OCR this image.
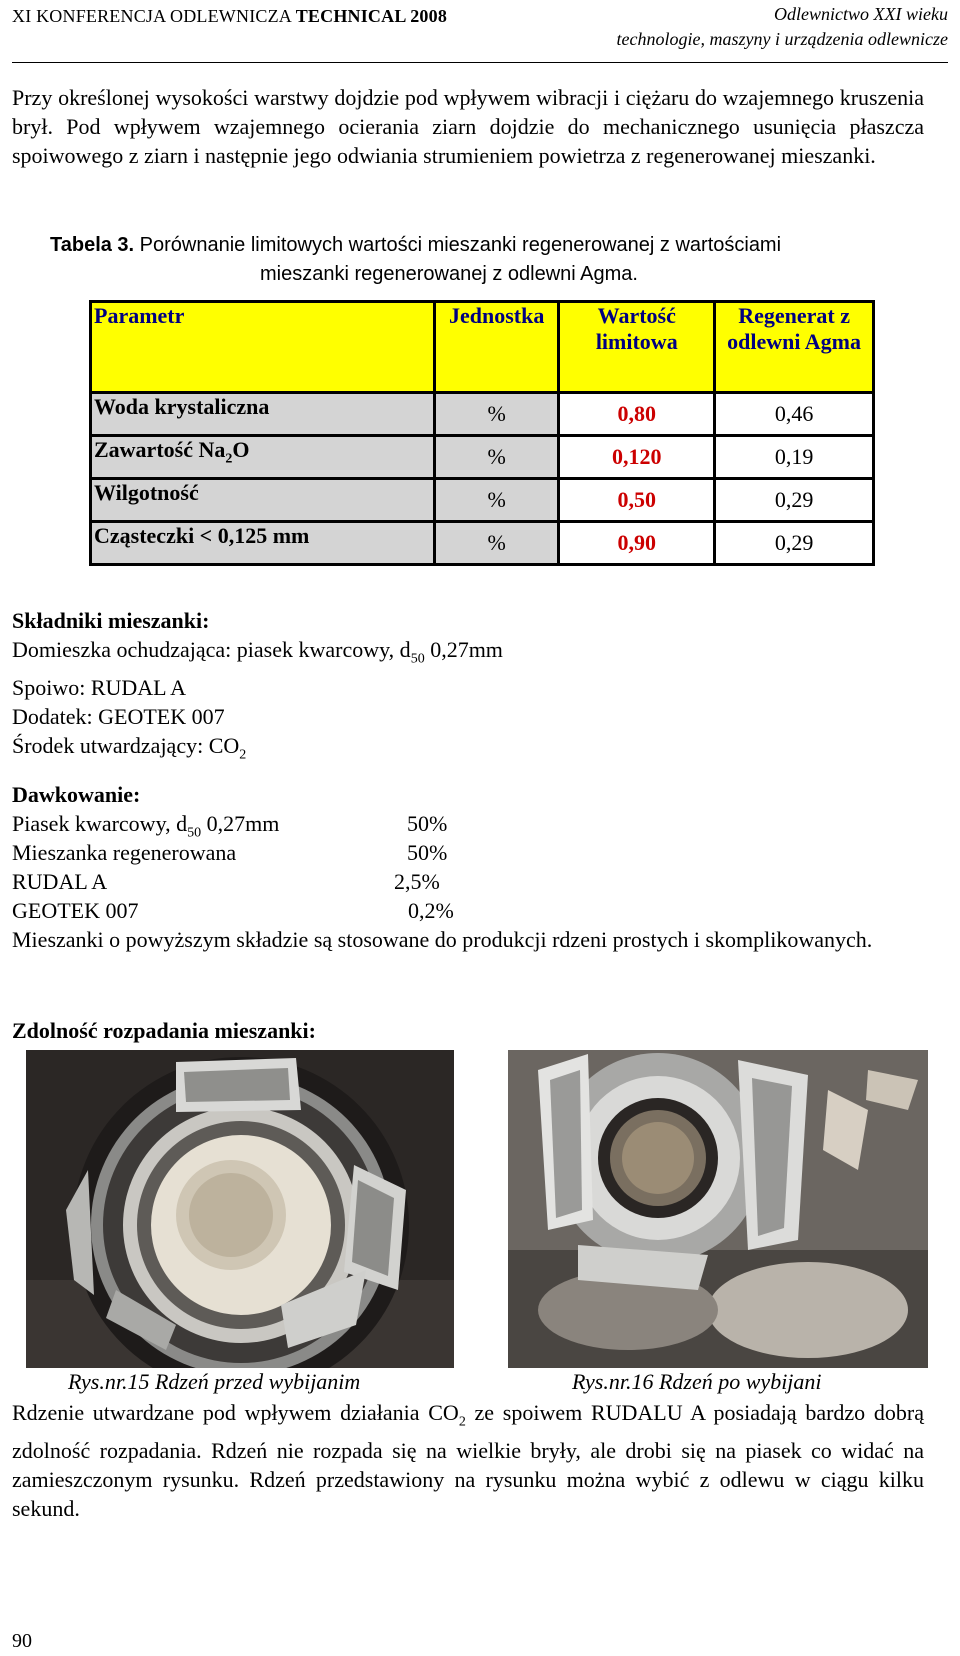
XI KONFERENCJA ODLEWNICZA TECHNICAL 2008	Odlewnictwo XXI wieku
technologie, maszyny i urządzenia odlewnicze
Przy określonej wysokości warstwy dojdzie pod wpływem wibracji i ciężaru do wzajemnego kruszenia brył. Pod wpływem wzajemnego ocierania ziarn dojdzie do mechanicznego usunięcia płaszcza spoiwowego z ziarn i następnie jego odwiania strumieniem powietrza z regenerowanej mieszanki.
Tabela 3. Porównanie limitowych wartości mieszanki regenerowanej z wartościami
mieszanki regenerowanej z odlewni Agma.
Parametr	Jednostka	Wartość limitowa	Regenerat z odlewni Agma
Woda krystaliczna	%	0,80	0,46
Zawartość $Na_2O$	%	0,120	0,19
Wilgotność	%	0,50	0,29
Cząsteczki < 0,125 mm	%	0,90	0,29
Składniki mieszanki:
Domieszka ochudzająca: piasek kwarcowy, $d_{50}$ 0,27mm
Spoiwo: RUDAL A
Dodatek: GEOTEK 007
Środek utwardzający: $CO_2$
Dawkowanie:
Piasek kwarcowy, $d_{50}$ 0,27mm	50%
Mieszanka regenerowana	50%
RUDAL A	2,5%
GEOTEK 007	0,2%
Mieszanki o powyższym składzie są stosowane do produkcji rdzeni prostych i skomplikowanych.
Zdolność rozpadania mieszanki:
Rys.nr.15 Rdzeń przed wybijanim	Rys.nr.16 Rdzeń po wybijani
Rdzenie utwardzane pod wpływem działania $CO_2$ ze spoiwem RUDALU A posiadają bardzo dobrą zdolność rozpadania. Rdzeń nie rozpada się na wielkie bryły, ale drobi się na piasek co widać na zamieszczonym rysunku. Rdzeń przedstawiony na rysunku można wybić z odlewu w ciągu kilku sekund.
90
